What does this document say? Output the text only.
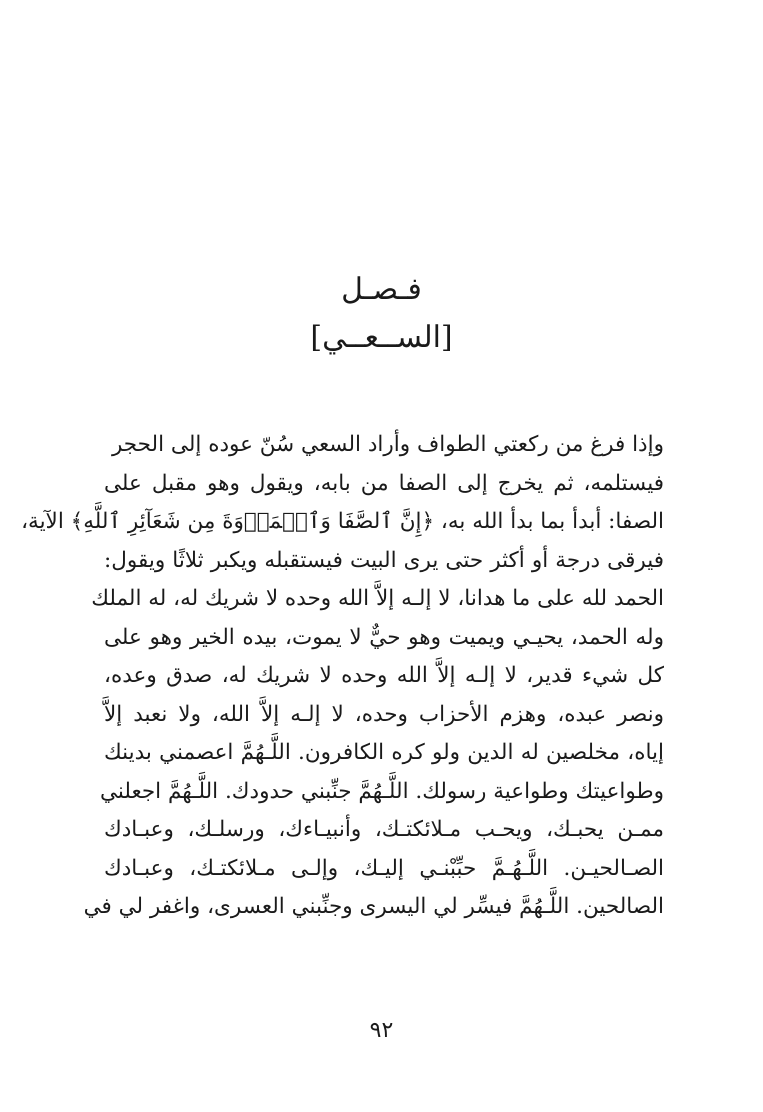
فـصـل
[الســعــي]
وإذا فرغ من ركعتي الطواف وأراد السعي سُنّ عوده إلى الحجر
فيستلمه، ثم يخرج إلى الصفا من بابه، ويقول وهو مقبل على
الصفا: أبدأ بما بدأ الله به، ﴿إِنَّ ٱلصَّفَا وَٱلۡمَرۡوَةَ مِن شَعَآئِرِ ٱللَّهِ﴾ الآية،
فيرقى درجة أو أكثر حتى يرى البيت فيستقبله ويكبر ثلاثًا ويقول:
الحمد لله على ما هدانا، لا إلـه إلاَّ الله وحده لا شريك له، له الملك
وله الحمد، يحيـي ويميت وهو حيٌّ لا يموت، بيده الخير وهو على
كل شيء قدير، لا إلـه إلاَّ الله وحده لا شريك له، صدق وعده،
ونصر عبده، وهزم الأحزاب وحده، لا إلـه إلاَّ الله، ولا نعبد إلاَّ
إياه، مخلصين له الدين ولو كره الكافرون. اللَّـهُمَّ اعصمني بدينك
وطواعيتك وطواعية رسولك. اللَّـهُمَّ جنِّبني حدودك. اللَّـهُمَّ اجعلني
ممـن يحبـك، ويحـب مـلائكتـك، وأنبيـاءك، ورسلـك، وعبـادك
الصـالحيـن. اللَّـهُـمَّ حبِّبْنـي إليـك، وإلـى مـلائكتـك، وعبـادك
الصالحين. اللَّـهُمَّ فيسِّر لي اليسرى وجنِّبني العسرى، واغفر لي في
٩٢
